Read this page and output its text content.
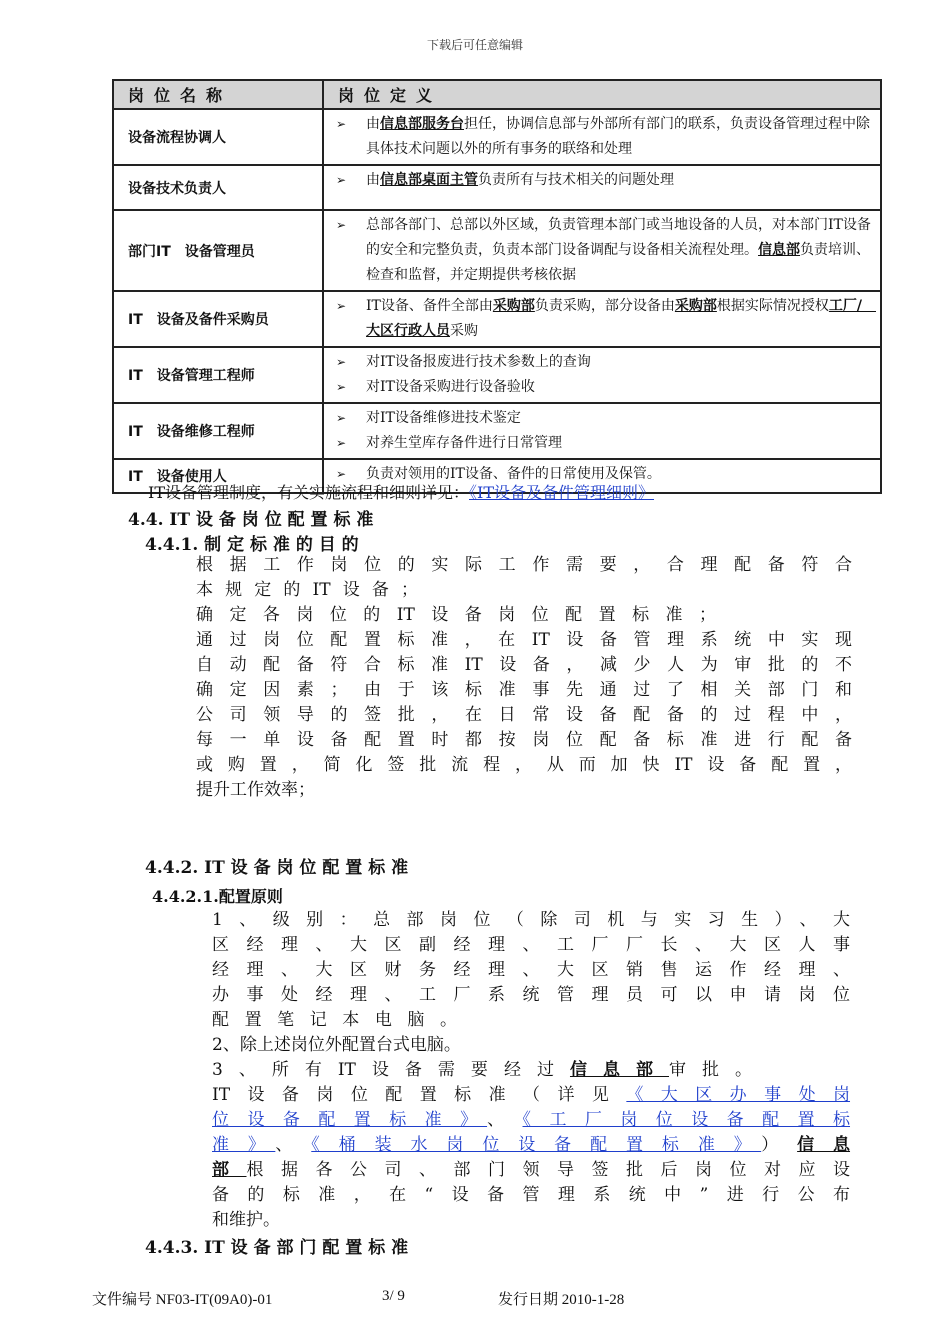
下载后可任意编辑
岗位名称	岗位定义
设备流程协调人	➢ 由信息部服务台担任，协调信息部与外部所有部门的联系，负责设备管理过程中除具体技术问题以外的所有事务的联络和处理

设备技术负责人	➢ 由信息部桌面主管负责所有与技术相关的问题处理

部门IT　设备管理员	➢ 总部各部门、总部以外区域，负责管理本部门或当地设备的人员，对本部门IT设备的安全和完整负责，负责本部门设备调配与设备相关流程处理。信息部负责培训、检查和监督，并定期提供考核依据

IT　设备及备件采购员	➢ IT设备、备件全部由采购部负责采购，部分设备由采购部根据实际情况授权工厂/　大区行政人员采购

IT　设备管理工程师	➢ 对IT设备报废进行技术参数上的查询
➢ 对IT设备采购进行设备验收

IT　设备维修工程师	➢ 对IT设备维修进技术鉴定
➢ 对养生堂库存备件进行日常管理

IT　设备使用人	➢ 负责对领用的IT设备、备件的日常使用及保管。
IT设备管理制度，有关实施流程和细则详见：《IT设备及备件管理细则》
4.4. IT 设 备 岗 位 配 置 标 准
4.4.1. 制 定 标 准 的 目 的
根据工作岗位的实际工作需要，合理配备符合
本规定的IT设备；
确定各岗位的IT设备岗位配置标准；
通过岗位配置标准，在IT设备管理系统中实现
自动配备符合标准IT设备，减少人为审批的不
确定因素；由于该标准事先通过了相关部门和
公司领导的签批，在日常设备配备的过程中，
每一单设备配置时都按岗位配备标准进行配备
或购置，简化签批流程，从而加快IT设备配置，
提升工作效率；
4.4.2. IT 设 备 岗 位 配 置 标 准
4.4.2.1.配置原则
1、级别：总部岗位（除司机与实习生）、大
区经理、大区副经理、工厂厂长、大区人事
经理、大区财务经理、大区销售运作经理、
办事处经理、工厂系统管理员可以申请岗位
配置笔记本电脑。
2、除上述岗位外配置台式电脑。
3、所有IT设备需要经过信息部审批。
IT设备岗位配置标准（详见《大区办事处岗
位设备配置标准》、《工厂岗位设备配置标
准》、《桶装水岗位设备配置标准》）信息
部根据各公司、部门领导签批后岗位对应设
备的标准，在“设备管理系统中”进行公布
和维护。
4.4.3. IT 设 备 部 门 配 置 标 准
文件编号 NF03-IT(09A0)-01	3/ 9	发行日期 2010-1-28
